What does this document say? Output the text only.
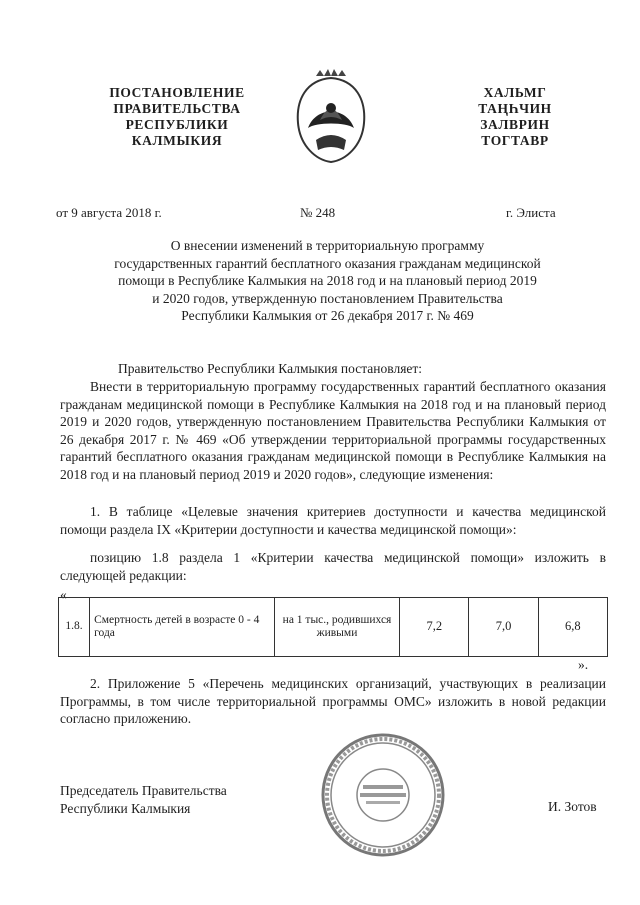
ПОСТАНОВЛЕНИЕ
ПРАВИТЕЛЬСТВА
РЕСПУБЛИКИ
КАЛМЫКИЯ
ХАЛЬМГ
ТАҢҺЧИН
ЗАЛВРИН
ТОГТАВР
от 9 августа 2018 г.	№ 248	г. Элиста
О внесении изменений в территориальную программу
государственных гарантий бесплатного оказания гражданам медицинской
помощи в Республике Калмыкия на 2018 год и на плановый период 2019
и 2020 годов, утвержденную постановлением Правительства
Республики Калмыкия от 26 декабря 2017 г. № 469
Правительство Республики Калмыкия постановляет:
Внести в территориальную программу государственных гарантий бесплатного оказания гражданам медицинской помощи в Республике Калмыкия на 2018 год и на плановый период 2019 и 2020 годов, утвержденную постановлением Правительства Республики Калмыкия от 26 декабря 2017 г. № 469 «Об утверждении территориальной программы государственных гарантий бесплатного оказания гражданам медицинской помощи в Республике Калмыкия на 2018 год и на плановый период 2019 и 2020 годов», следующие изменения:
1. В таблице «Целевые значения критериев доступности и качества медицинской помощи раздела IX «Критерии доступности и качества медицинской помощи»:
позицию 1.8 раздела 1 «Критерии качества медицинской помощи» изложить в следующей редакции:
«
1.8.	Смертность детей в возрасте 0 - 4 года	на 1 тыс., родившихся живыми	7,2	7,0	6,8
».
2. Приложение 5 «Перечень медицинских организаций, участвующих в реализации Программы, в том числе территориальной программы ОМС» изложить в новой редакции согласно приложению.
Председатель Правительства
Республики Калмыкия	И. Зотов
